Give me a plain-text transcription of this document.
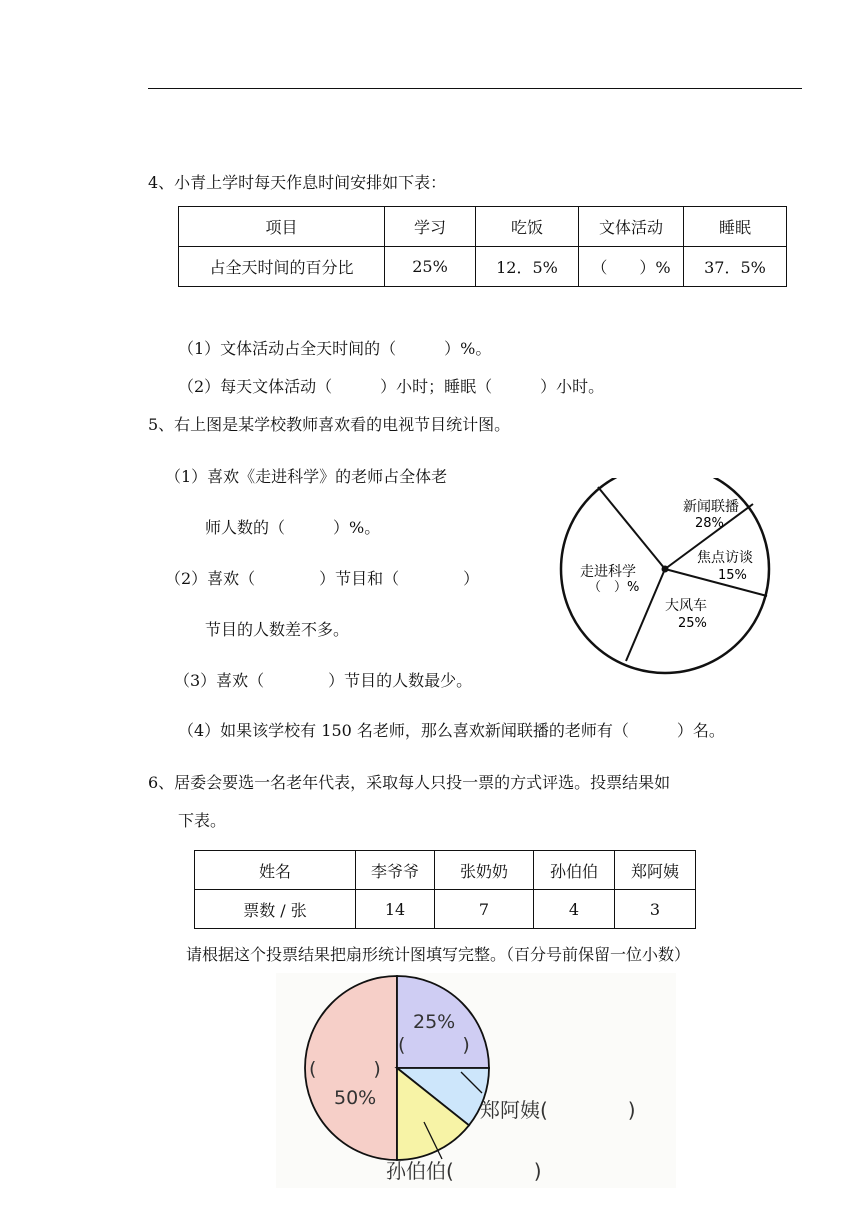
4、小青上学时每天作息时间安排如下表：
项目	学习	吃饭	文体活动	睡眠
占全天时间的百分比	25%	12．5%	（　　）%	37．5%
（1）文体活动占全天时间的（　　　）%。
（2）每天文体活动（　　　）小时；睡眠（　　　）小时。
5、右上图是某学校教师喜欢看的电视节目统计图。
（1）喜欢《走进科学》的老师占全体老
师人数的（　　　）%。
（2）喜欢（　　　　）节目和（　　　　）
节目的人数差不多。
（3）喜欢（　　　　）节目的人数最少。
（4）如果该学校有 150 名老师，那么喜欢新闻联播的老师有（　　　）名。
新闻联播
28%
焦点访谈
15%
大风车
25%
走进科学
（　）%
6、居委会要选一名老年代表，采取每人只投一票的方式评选。投票结果如
下表。
姓名	李爷爷	张奶奶	孙伯伯	郑阿姨
票数 / 张	14	7	4	3
请根据这个投票结果把扇形统计图填写完整。（百分号前保留一位小数）
25%
(　　　)
(　　　)
50%	郑阿姨(　　　　)
孙伯伯(　　　　)
